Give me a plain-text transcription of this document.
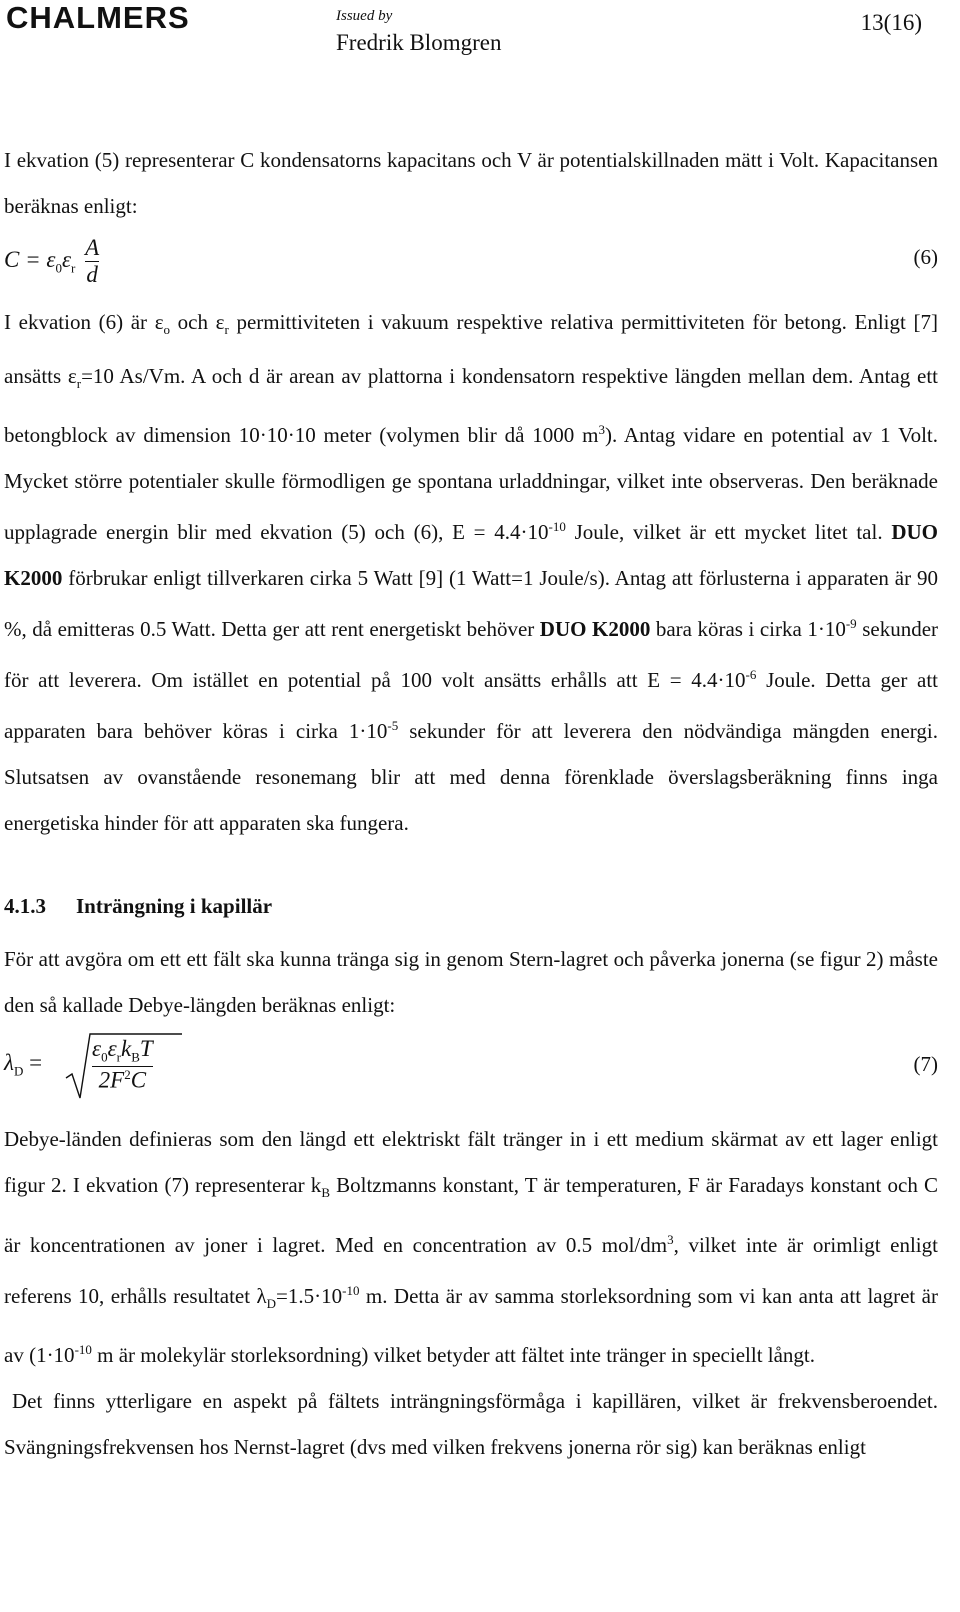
CHALMERS	Issued by
Fredrik Blomgren
13(16)

I ekvation (5) representerar C kondensatorns kapacitans och V är potentialskillnaden mätt i Volt. Kapacitansen beräknas enligt:

$C = \varepsilon_0\varepsilon_r \frac{A}{d}$	(6)

I ekvation (6) är $\varepsilon_o$ och $\varepsilon_r$ permittiviteten i vakuum respektive relativa permittiviteten för betong. Enligt [7] ansätts $\varepsilon_r=10$ As/Vm. A och d är arean av plattorna i kondensatorn respektive längden mellan dem. Antag ett betongblock av dimension 10·10·10 meter (volymen blir då 1000 $m^3$). Antag vidare en potential av 1 Volt. Mycket större potentialer skulle förmodligen ge spontana urladdningar, vilket inte observeras. Den beräknade upplagrade energin blir med ekvation (5) och (6), $E = 4.4\cdot 10^{-10}$ Joule, vilket är ett mycket litet tal. DUO K2000 förbrukar enligt tillverkaren cirka 5 Watt [9] (1 Watt=1 Joule/s). Antag att förlusterna i apparaten är 90 %, då emitteras 0.5 Watt. Detta ger att rent energetiskt behöver DUO K2000 bara köras i cirka $1\cdot 10^{-9}$ sekunder för att leverera. Om istället en potential på 100 volt ansätts erhålls att $E = 4.4\cdot 10^{-6}$ Joule. Detta ger att apparaten bara behöver köras i cirka $1\cdot 10^{-5}$ sekunder för att leverera den nödvändiga mängden energi. Slutsatsen av ovanstående resonemang blir att med denna förenklade överslagsberäkning finns inga energetiska hinder för att apparaten ska fungera.

4.1.3 Inträngning i kapillär

För att avgöra om ett ett fält ska kunna tränga sig in genom Stern-lagret och påverka jonerna (se figur 2) måste den så kallade Debye-längden beräknas enligt:

$\lambda_D$ =
$\varepsilon_0\varepsilon_rk_BT$
$2F^2C$
(7)

Debye-länden definieras som den längd ett elektriskt fält tränger in i ett medium skärmat av ett lager enligt figur 2. I ekvation (7) representerar $k_B$ Boltzmanns konstant, T är temperaturen, F är Faradays konstant och C är koncentrationen av joner i lagret. Med en concentration av 0.5 mol/$dm^3$, vilket inte är orimligt enligt referens 10, erhålls resultatet $\lambda_D=1.5\cdot 10^{-10}$ m. Detta är av samma storleksordning som vi kan anta att lagret är av ($1\cdot 10^{-10}$ m är molekylär storleksordning) vilket betyder att fältet inte tränger in speciellt långt.

Det finns ytterligare en aspekt på fältets inträngningsförmåga i kapillären, vilket är frekvensberoendet. Svängningsfrekvensen hos Nernst-lagret (dvs med vilken frekvens jonerna rör sig) kan beräknas enligt
